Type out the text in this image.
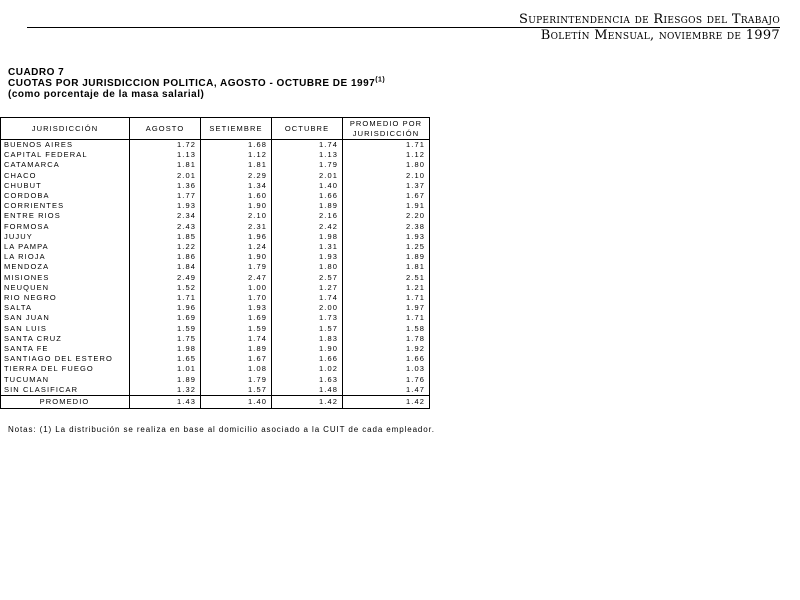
Superintendencia de Riesgos del Trabajo
Boletín Mensual, noviembre de 1997
CUADRO 7
CUOTAS POR JURISDICCION POLITICA, AGOSTO - OCTUBRE DE 1997$^{(1)}$
(como porcentaje de la masa salarial)
JURISDICCIÓN	AGOSTO	SETIEMBRE	OCTUBRE	PROMEDIO POR
JURISDICCIÓN
BUENOS AIRES	1.72	1.68	1.74	1.71
CAPITAL FEDERAL	1.13	1.12	1.13	1.12
CATAMARCA	1.81	1.81	1.79	1.80
CHACO	2.01	2.29	2.01	2.10
CHUBUT	1.36	1.34	1.40	1.37
CORDOBA	1.77	1.60	1.66	1.67
CORRIENTES	1.93	1.90	1.89	1.91
ENTRE RIOS	2.34	2.10	2.16	2.20
FORMOSA	2.43	2.31	2.42	2.38
JUJUY	1.85	1.96	1.98	1.93
LA PAMPA	1.22	1.24	1.31	1.25
LA RIOJA	1.86	1.90	1.93	1.89
MENDOZA	1.84	1.79	1.80	1.81
MISIONES	2.49	2.47	2.57	2.51
NEUQUEN	1.52	1.00	1.27	1.21
RIO NEGRO	1.71	1.70	1.74	1.71
SALTA	1.96	1.93	2.00	1.97
SAN JUAN	1.69	1.69	1.73	1.71
SAN LUIS	1.59	1.59	1.57	1.58
SANTA CRUZ	1.75	1.74	1.83	1.78
SANTA FE	1.98	1.89	1.90	1.92
SANTIAGO DEL ESTERO	1.65	1.67	1.66	1.66
TIERRA DEL FUEGO	1.01	1.08	1.02	1.03
TUCUMAN	1.89	1.79	1.63	1.76
SIN CLASIFICAR	1.32	1.57	1.48	1.47
PROMEDIO	1.43	1.40	1.42	1.42
Notas: (1) La distribución se realiza en base al domicilio asociado a la CUIT de cada empleador.
